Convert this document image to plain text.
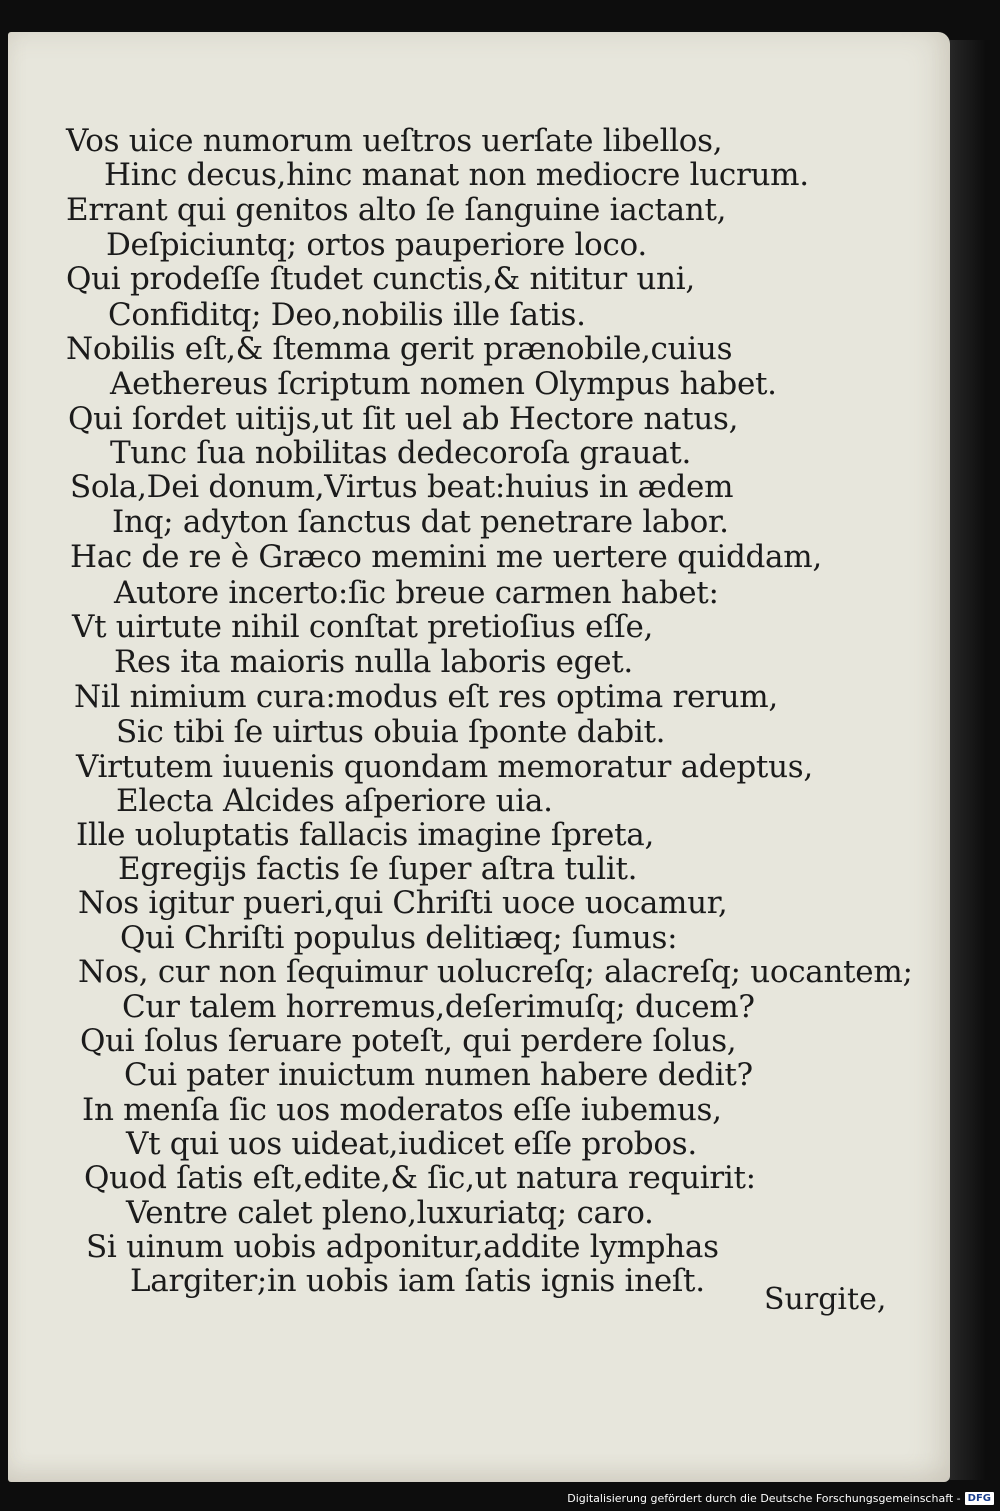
Vos uice numorum ueſtros uerſate libellos,
Hinc decus,hinc manat non mediocre lucrum.
Errant qui genitos alto ſe ſanguine iactant,
Deſpiciuntq; ortos pauperiore loco.
Qui prodeſſe ſtudet cunctis,& nititur uni,
Confiditq; Deo,nobilis ille ſatis.
Nobilis eſt,& ſtemma gerit prænobile,cuius
Aethereus ſcriptum nomen Olympus habet.
Qui ſordet uitijs,ut ſit uel ab Hectore natus,
Tunc ſua nobilitas dedecoroſa grauat.
Sola,Dei donum,Virtus beat:huius in ædem
Inq; adyton ſanctus dat penetrare labor.
Hac de re è Græco memini me uertere quiddam,
Autore incerto:ſic breue carmen habet:
Vt uirtute nihil conſtat pretioſius eſſe,
Res ita maioris nulla laboris eget.
Nil nimium cura:modus eſt res optima rerum,
Sic tibi ſe uirtus obuia ſponte dabit.
Virtutem iuuenis quondam memoratur adeptus,
Electa Alcides aſperiore uia.
Ille uoluptatis fallacis imagine ſpreta,
Egregijs factis ſe ſuper aſtra tulit.
Nos igitur pueri,qui Chriſti uoce uocamur,
Qui Chriſti populus delitiæq; ſumus:
Nos, cur non ſequimur uolucreſq; alacreſq; uocantem;
Cur talem horremus,deſerimuſq; ducem?
Qui ſolus ſeruare poteſt, qui perdere ſolus,
Cui pater inuictum numen habere dedit?
In menſa ſic uos moderatos eſſe iubemus,
Vt qui uos uideat,iudicet eſſe probos.
Quod ſatis eſt,edite,& ſic,ut natura requirit:
Ventre calet pleno,luxuriatq; caro.
Si uinum uobis adponitur,addite lymphas
Largiter;in uobis iam ſatis ignis ineſt.
Surgite,
Digitalisierung gefördert durch die Deutsche Forschungsgemeinschaft - DFG
